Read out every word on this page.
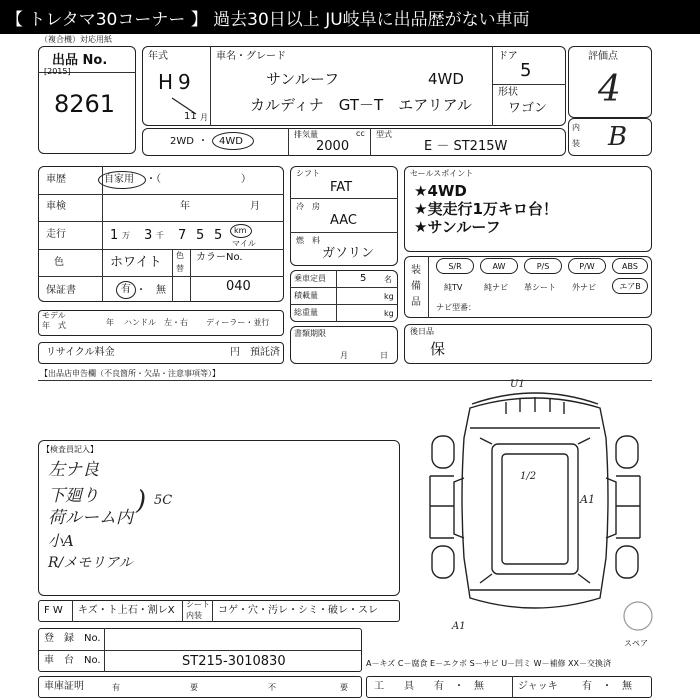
【 トレタマ30コーナー 】 過去30日以上 JU岐阜に出品歴がない車両
（複合機）対応用紙
出品 No.
[2015]
8261
年式
H 9
11 月
車名・グレード
サンルーフ	4WD
カルディナ　GT－T　エアリアル
ドア
5
形状
ワゴン
評価点
4
内
装 B
2WD ・ 4WD
排気量
2000
cc 型式
E － ST215W
車歴	自家用 ・（　　　　　　　　）
車検	年	月
走行	1 万 3 千 7 5 5 km
マイル
色	ホワイト 色
替
カラーNo.
040
保証書	有 ・　無
モデル
年　式	年 ハンドル　左・右 ディーラー・並行
リサイクル料金	円　預託済
シフト
FAT
冷　房
AAC
燃　料
ガソリン
乗車定員	5 名
積載量	kg
総重量	kg
書類期限
月	日
セールスポイント
★4WD
★実走行1万キロ台！
★サンルーフ
装
備
品
S/R	AW	P/S	P/W	ABS
純TV	純ナビ 革シート 外ナビ	エアB
ナビ型番：
後日品
保
【出品店申告欄（不良箇所・欠品・注意事項等）】
【検査員記入】
左ナ良
下廻り
荷ルーム内
小A
R/メモリアル
) 5C
U1
1/2
A1
A1
スペア
F W キズ・ト上石・割レX
シート
内装 コゲ・穴・汚レ・シミ・破レ・スレ
登　録　No.
車　台　No.	ST215-3010830	A－キズ C－腐食 E－エクボ S－サビ U－凹ミ W－補修 XX－交換済
車庫証明	有	要	不	要	工　　具 有　・　無	ジャッキ 有　・　無
